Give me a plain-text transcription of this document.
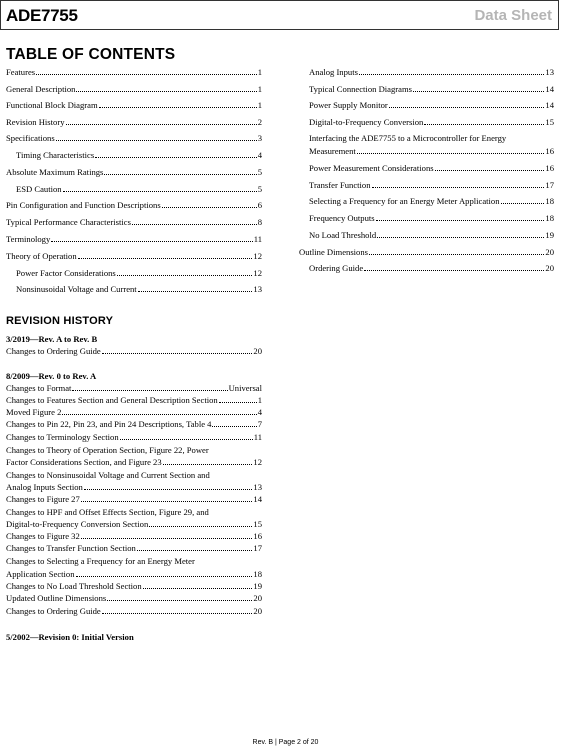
ADE7755	Data Sheet
TABLE OF CONTENTS
Features	1
General Description	1
Functional Block Diagram	1
Revision History	2
Specifications	3
Timing Characteristics	4
Absolute Maximum Ratings	5
ESD Caution	5
Pin Configuration and Function Descriptions	6
Typical Performance Characteristics	8
Terminology	11
Theory of Operation	12
Power Factor Considerations	12
Nonsinusoidal Voltage and Current	13
Analog Inputs	13
Typical Connection Diagrams	14
Power Supply Monitor	14
Digital-to-Frequency Conversion	15
Interfacing the ADE7755 to a Microcontroller for Energy
Measurement	16
Power Measurement Considerations	16
Transfer Function	17
Selecting a Frequency for an Energy Meter Application	18
Frequency Outputs	18
No Load Threshold	19
Outline Dimensions	20
Ordering Guide	20
REVISION HISTORY
3/2019—Rev. A to Rev. B
Changes to Ordering Guide	20
8/2009—Rev. 0 to Rev. A
Changes to Format	Universal
Changes to Features Section and General Description Section	1
Moved Figure 2	4
Changes to Pin 22, Pin 23, and Pin 24 Descriptions, Table 4	7
Changes to Terminology Section	11
Changes to Theory of Operation Section, Figure 22, Power
Factor Considerations Section, and Figure 23	12
Changes to Nonsinusoidal Voltage and Current Section and
Analog Inputs Section	13
Changes to Figure 27	14
Changes to HPF and Offset Effects Section, Figure 29, and
Digital-to-Frequency Conversion Section	15
Changes to Figure 32	16
Changes to Transfer Function Section	17
Changes to Selecting a Frequency for an Energy Meter
Application Section	18
Changes to No Load Threshold Section	19
Updated Outline Dimensions	20
Changes to Ordering Guide	20
5/2002—Revision 0: Initial Version
Rev. B | Page 2 of 20
